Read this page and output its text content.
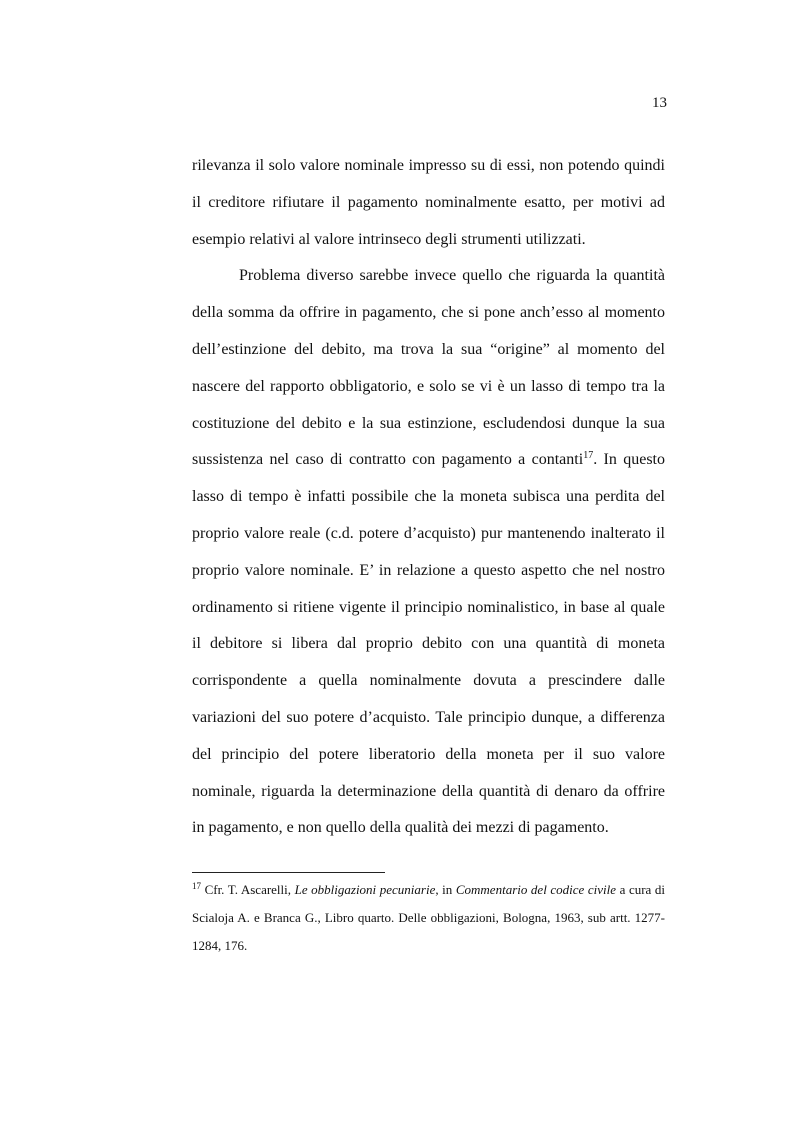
13

rilevanza il solo valore nominale impresso su di essi, non potendo quindi il creditore rifiutare il pagamento nominalmente esatto, per motivi ad esempio relativi al valore intrinseco degli strumenti utilizzati.

Problema diverso sarebbe invece quello che riguarda la quantità della somma da offrire in pagamento, che si pone anch’esso al momento dell’estinzione del debito, ma trova la sua “origine” al momento del nascere del rapporto obbligatorio, e solo se vi è un lasso di tempo tra la costituzione del debito e la sua estinzione, escludendosi dunque la sua sussistenza nel caso di contratto con pagamento a contanti$^{17}$. In questo lasso di tempo è infatti possibile che la moneta subisca una perdita del proprio valore reale (c.d. potere d’acquisto) pur mantenendo inalterato il proprio valore nominale. E’ in relazione a questo aspetto che nel nostro ordinamento si ritiene vigente il principio nominalistico, in base al quale il debitore si libera dal proprio debito con una quantità di moneta corrispondente a quella nominalmente dovuta a prescindere dalle variazioni del suo potere d’acquisto. Tale principio dunque, a differenza del principio del potere liberatorio della moneta per il suo valore nominale, riguarda la determinazione della quantità di denaro da offrire in pagamento, e non quello della qualità dei mezzi di pagamento.

$^{17}$ Cfr. T. Ascarelli, Le obbligazioni pecuniarie, in Commentario del codice civile a cura di Scialoja A. e Branca G., Libro quarto. Delle obbligazioni, Bologna, 1963, sub artt. 1277-1284, 176.
